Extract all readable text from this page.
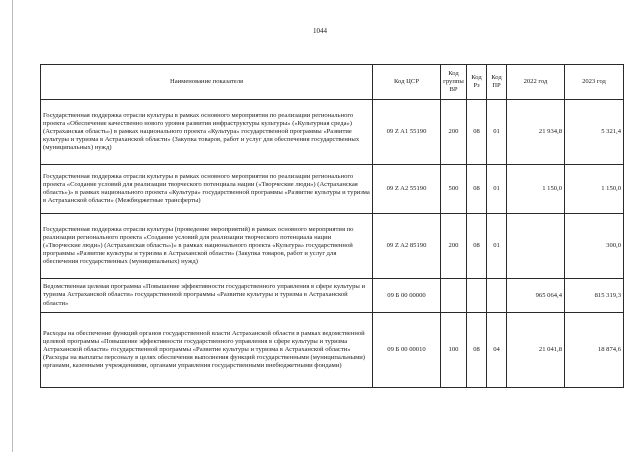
1044
Наименование показателя	Код ЦСР	Код группы ВР	Код Рз	Код ПР	2022 год	2023 год
Государственная поддержка отрасли культуры в рамках основного мероприятия по реализации регионального проекта «Обеспечение качественно нового уровня развития инфраструктуры культуры» («Культурная среда») (Астраханская область») в рамках национального проекта «Культура» государственной программы «Развитие культуры и туризма в Астраханской области» (Закупка товаров, работ и услуг для обеспечения государственных (муниципальных) нужд)	09 Z A1 55190	200	08	01	21 934,8	5 321,4
Государственная поддержка отрасли культуры в рамках основного мероприятия по реализации регионального проекта «Создание условий для реализации творческого потенциала нации («Творческие люди») (Астраханская область»)» в рамках национального проекта «Культура» государственной программы «Развитие культуры и туризма в Астраханской области» (Межбюджетные трансферты)	09 Z A2 55190	500	08	01	1 150,0	1 150,0
Государственная поддержка отрасли культуры (проведение мероприятий) в рамках основного мероприятия по реализации регионального проекта «Создание условий для реализации творческого потенциала нации («Творческие люди») (Астраханская область»)» в рамках национального проекта «Культура» государственной программы «Развитие культуры и туризма в Астраханской области» (Закупка товаров, работ и услуг для обеспечения государственных (муниципальных) нужд)	09 Z A2 85190	200	08	01		300,0
Ведомственная целевая программа «Повышение эффективности государственного управления в сфере культуры и туризма Астраханской области» государственной программы «Развитие культуры и туризма в Астраханской области»	09 Б 00 00000				965 064,4	815 319,3
Расходы на обеспечение функций органов государственной власти Астраханской области в рамках ведомственной целевой программы «Повышение эффективности государственного управления в сфере культуры и туризма Астраханской области» государственной программы «Развитие культуры и туризма в Астраханской области» (Расходы на выплаты персоналу в целях обеспечения выполнения функций государственными (муниципальными) органами, казенными учреждениями, органами управления государственными внебюджетными фондами)	09 Б 00 00010	100	08	04	21 041,8	18 874,6
